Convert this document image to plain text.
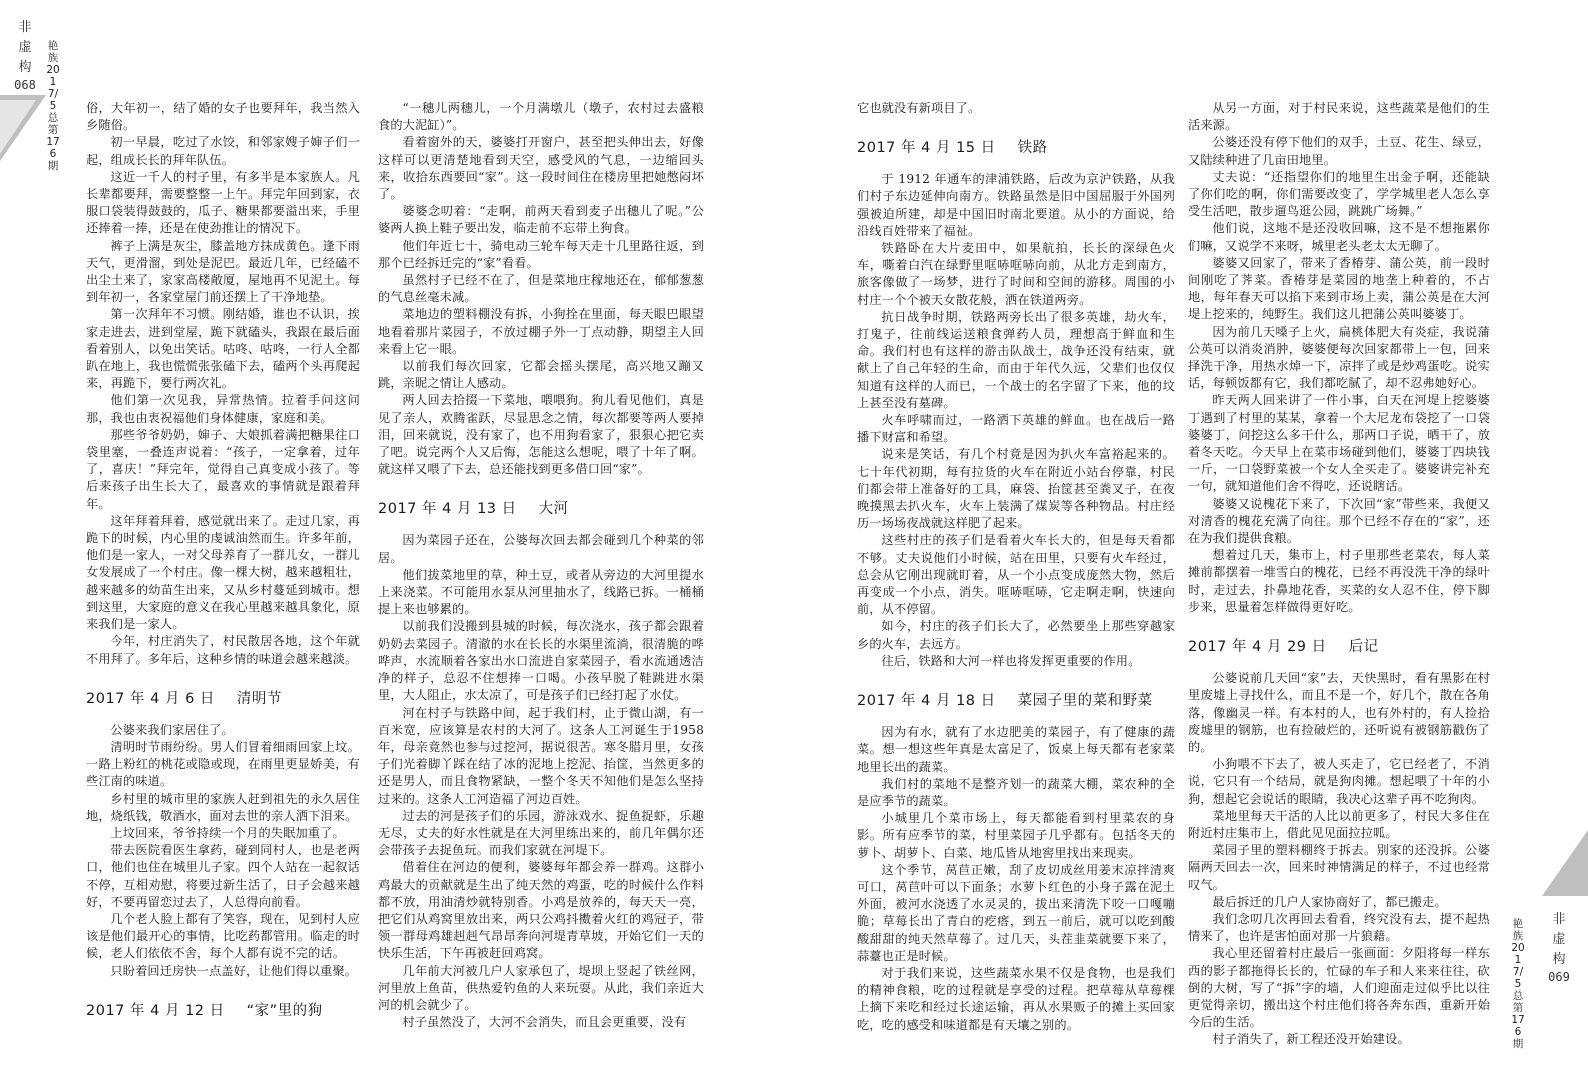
非
虚
构
068
艳族 2017/5 总第 176 期
艳族 2017/5 总第 176 期
非
虚
构
069

俗，大年初一，结了婚的女子也要拜年，我当然入乡随俗。

初一早晨，吃过了水饺，和邻家嫂子婶子们一起，组成长长的拜年队伍。

这近一千人的村子里，有多半是本家族人。凡长辈都要拜，需要整整一上午。拜完年回到家，衣服口袋装得鼓鼓的，瓜子、糖果都要溢出来，手里还捧着一捧，还是在使劲推让的情况下。

裤子上满是灰尘，膝盖地方抹成黄色。逢下雨天气，更滑溜，到处是泥巴。最近几年，已经磕不出尘土来了，家家高楼敞厦，屋地再不见泥土。每到年初一，各家堂屋门前还摆上了干净地垫。

第一次拜年不习惯。刚结婚，谁也不认识，挨家走进去，进到堂屋，跪下就磕头，我跟在最后面看着别人，以免出笑话。咕咚、咕咚，一行人全都趴在地上，我也慌慌张张磕下去，磕两个头再爬起来，再跪下，要行两次礼。

他们第一次见我，异常热情。拉着手问这问那，我也由衷祝福他们身体健康，家庭和美。

那些爷爷奶奶，婶子、大娘抓着满把糖果往口袋里塞，一叠连声说着：“孩子，一定拿着，过年了，喜庆！”拜完年，觉得自己真变成小孩了。等后来孩子出生长大了，最喜欢的事情就是跟着拜年。

这年拜着拜着，感觉就出来了。走过几家，再跪下的时候，内心里的虔诚油然而生。许多年前，他们是一家人，一对父母养育了一群儿女，一群儿女发展成了一个村庄。像一棵大树，越来越粗壮，越来越多的幼苗生出来，又从乡村蔓延到城市。想到这里，大家庭的意义在我心里越来越具象化，原来我们是一家人。

今年，村庄消失了，村民散居各地，这个年就不用拜了。多年后，这种乡情的味道会越来越淡。

2017 年 4 月 6 日 清明节

公婆来我们家居住了。

清明时节雨纷纷。男人们冒着细雨回家上坟。一路上粉红的桃花或隐或现，在雨里更显娇美，有些江南的味道。

乡村里的城市里的家族人赶到祖先的永久居住地，烧纸钱，敬酒水，面对去世的亲人洒下泪来。

上坟回来，爷爷持续一个月的失眠加重了。

带去医院看医生拿药，碰到同村人，也是老两口，他们也住在城里儿子家。四个人站在一起叙话不停，互相劝慰，将要过新生活了，日子会越来越好，不要再留恋过去了，人总得向前看。

几个老人脸上都有了笑容，现在，见到村人应该是他们最开心的事情，比吃药都管用。临走的时候，老人们依依不舍，每个人都有说不完的话。

只盼着回迁房快一点盖好，让他们得以重聚。

2017 年 4 月 12 日 “家”里的狗

“一穗儿两穗儿，一个月满墩儿（墩子，农村过去盛粮食的大泥缸）”。

看着窗外的天，婆婆打开窗户，甚至把头伸出去，好像这样可以更清楚地看到天空，感受风的气息，一边缩回头来，收拾东西要回“家”。这一段时间住在楼房里把她憋闷坏了。

婆婆念叨着：“走啊，前两天看到麦子出穗儿了呢。”公婆两人换上鞋子要出发，临走前不忘带上狗食。

他们年近七十，骑电动三轮车每天走十几里路往返，到那个已经拆迁完的“家”看看。

虽然村子已经不在了，但是菜地庄稼地还在，郁郁葱葱的气息丝毫未减。

菜地边的塑料棚没有拆，小狗拴在里面，每天眼巴眼望地看着那片菜园子，不放过棚子外一丁点动静，期望主人回来看上它一眼。

以前我们每次回家，它都会摇头摆尾，高兴地又蹦又跳，亲昵之情让人感动。

两人回去拾掇一下菜地，喂喂狗。狗儿看见他们，真是见了亲人，欢腾雀跃，尽显思念之情，每次都要等两人要掉泪，回来就说，没有家了，也不用狗看家了，狠狠心把它卖了吧。说完两个人又后悔，怎能这么想呢，喂了十年了啊。就这样又喂了下去，总还能找到更多借口回“家”。

2017 年 4 月 13 日 大河

因为菜园子还在，公婆每次回去都会碰到几个种菜的邻居。

他们拔菜地里的草，种土豆，或者从旁边的大河里提水上来浇菜。不可能用水泵从河里抽水了，线路已拆。一桶桶提上来也够累的。

以前我们没搬到县城的时候，每次浇水，孩子都会跟着奶奶去菜园子。清澈的水在长长的水渠里流淌，很清脆的哗哗声，水流顺着各家出水口流进自家菜园子，看水流通透洁净的样子，总忍不住想捧一口喝。小孩早脱了鞋跳进水渠里，大人阻止，水太凉了，可是孩子们已经打起了水仗。

河在村子与铁路中间，起于我们村，止于微山湖，有一百米宽，应该算是农村的大河了。这条人工河诞生于1958 年，母亲竟然也参与过挖河，据说很苦。寒冬腊月里，女孩子们光着脚丫踩在结了冰的泥地上挖泥、抬筐，当然更多的还是男人，而且食物紧缺，一整个冬天不知他们是怎么坚持过来的。这条人工河造福了河边百姓。

过去的河是孩子们的乐园，游泳戏水、捉鱼捉虾，乐趣无尽，丈夫的好水性就是在大河里练出来的，前几年偶尔还会带孩子去捉鱼玩。而我们家就在河堤下。

借着住在河边的便利，婆婆每年都会养一群鸡。这群小鸡最大的贡献就是生出了纯天然的鸡蛋，吃的时候什么作料都不放，用油清炒就特别香。小鸡是放养的，每天天一亮，把它们从鸡窝里放出来，两只公鸡抖擞着火红的鸡冠子，带领一群母鸡雄赳赳气昂昂奔向河堤青草坡，开始它们一天的快乐生活，下午再被赶回鸡窝。

几年前大河被几户人家承包了，堤坝上竖起了铁丝网，河里放上鱼苗，供热爱钓鱼的人来玩耍。从此，我们亲近大河的机会就少了。

村子虽然没了，大河不会消失，而且会更重要，没有

它也就没有新项目了。

2017 年 4 月 15 日 铁路

于 1912 年通车的津浦铁路，后改为京沪铁路，从我们村子东边延伸向南方。铁路虽然是旧中国屈服于外国列强被迫所建，却是中国旧时南北要道。从小的方面说，给沿线百姓带来了福祉。

铁路卧在大片麦田中，如果航拍，长长的深绿色火车，嘶着白汽在绿野里哐哧哐哧向前，从北方走到南方，旅客像做了一场梦，进行了时间和空间的游移。周围的小村庄一个个被天女散花般，洒在铁道两旁。

抗日战争时期，铁路两旁长出了很多英雄，劫火车，打鬼子，往前线运送粮食弹药人员，理想高于鲜血和生命。我们村也有这样的游击队战士，战争还没有结束，就献上了自己年轻的生命，而由于年代久远，父辈们也仅仅知道有这样的人而已，一个战士的名字留了下来，他的坟上甚至没有墓碑。

火车呼啸而过，一路洒下英雄的鲜血。也在战后一路播下财富和希望。

说来是笑话，有几个村竟是因为扒火车富裕起来的。七十年代初期，每有拉货的火车在附近小站台停靠，村民们都会带上准备好的工具，麻袋、抬筐甚至粪叉子，在夜晚摸黑去扒火车，火车上装满了煤炭等各种物品。村庄经历一场场夜战就这样肥了起来。

这些村庄的孩子们是看着火车长大的，但是每天看都不够。丈夫说他们小时候，站在田里，只要有火车经过，总会从它刚出现就盯着，从一个小点变成庞然大物，然后再变成一个小点，消失。哐哧哐哧，它走啊走啊，快速向前，从不停留。

如今，村庄的孩子们长大了，必然要坐上那些穿越家乡的火车，去远方。

往后，铁路和大河一样也将发挥更重要的作用。

2017 年 4 月 18 日 菜园子里的菜和野菜

因为有水，就有了水边肥美的菜园子，有了健康的蔬菜。想一想这些年真是太富足了，饭桌上每天都有老家菜地里长出的蔬菜。

我们村的菜地不是整齐划一的蔬菜大棚，菜农种的全是应季节的蔬菜。

小城里几个菜市场上，每天都能看到村里菜农的身影。所有应季节的菜，村里菜园子几乎都有。包括冬天的萝卜、胡萝卜、白菜、地瓜皆从地窖里找出来现卖。

这个季节，莴苣正嫩，刮了皮切成丝用姜末凉拌清爽可口，莴苣叶可以下面条；水萝卜红色的小身子露在泥土外面，被河水浇透了水灵灵的，拔出来清洗下咬一口嘎嘣脆；草莓长出了青白的疙瘩，到五一前后，就可以吃到酸酸甜甜的纯天然草莓了。过几天，头茬韭菜就要下来了，蒜薹也正是时候。

对于我们来说，这些蔬菜水果不仅是食物，也是我们的精神食粮，吃的过程就是享受的过程。把草莓从草莓棵上摘下来吃和经过长途运输，再从水果贩子的摊上买回家吃，吃的感受和味道都是有天壤之别的。

从另一方面，对于村民来说，这些蔬菜是他们的生活来源。

公婆还没有停下他们的双手，土豆、花生、绿豆，又陆续种进了几亩田地里。

丈夫说：“还指望你们的地里生出金子啊，还能缺了你们吃的啊，你们需要改变了，学学城里老人怎么享受生活吧，散步遛鸟逛公园，跳跳广场舞。”

他们说，这地不是还没收回嘛，这不是不想拖累你们嘛，又说学不来呀，城里老头老太太无聊了。

婆婆又回家了，带来了香椿芽、蒲公英，前一段时间刚吃了荠菜。香椿芽是菜园的地垄上种着的，不占地，每年春天可以掐下来到市场上卖，蒲公英是在大河堤上挖来的，纯野生。我们这儿把蒲公英叫婆婆丁。

因为前几天嗓子上火，扁桃体肥大有炎症，我说蒲公英可以消炎消肿，婆婆便每次回家都带上一包，回来择洗干净，用热水焯一下，凉拌了或是炒鸡蛋吃。说实话，每顿饭都有它，我们都吃腻了，却不忍弗她好心。

昨天两人回来讲了一件小事，白天在河堤上挖婆婆丁遇到了村里的某某，拿着一个大尼龙布袋挖了一口袋婆婆丁，问挖这么多干什么，那两口子说，晒干了，放着冬天吃。今天早上在菜市场碰到他们，婆婆丁四块钱一斤，一口袋野菜被一个女人全买走了。婆婆讲完补充一句，就知道他们舍不得吃，还说瞎话。

婆婆又说槐花下来了，下次回“家”带些来，我便又对清香的槐花充满了向往。那个已经不存在的“家”，还在为我们提供食粮。

想着过几天，集市上，村子里那些老菜农，每人菜摊前都摆着一堆雪白的槐花，已经不再没洗干净的绿叶时，走过去，扑鼻地花香，买菜的女人忍不住，停下脚步来，思量着怎样做得更好吃。

2017 年 4 月 29 日 后记

公婆说前几天回“家”去，天快黑时，看有黑影在村里废墟上寻找什么，而且不是一个，好几个，散在各角落，像幽灵一样。有本村的人，也有外村的，有人捡拾废墟里的钢筋，也有捡破烂的，还听说有被钢筋戳伤了的。

小狗喂不下去了，被人买走了，它已经老了，不消说，它只有一个结局，就是狗肉摊。想起喂了十年的小狗，想起它会说话的眼睛，我决心这辈子再不吃狗肉。

菜地里每天干活的人比以前更多了，村民大多住在附近村庄集市上，借此见见面拉拉呱。

菜园子里的塑料棚终于拆去。别家的还没拆。公婆隔两天回去一次，回来时神情满足的样子，不过也经常叹气。

最后拆迁的几户人家协商好了，都已搬走。

我们念叨几次再回去看看，终究没有去，提不起热情来了，也许是害怕面对那一片狼藉。

我心里还留着村庄最后一张画面：夕阳将每一样东西的影子都拖得长长的，忙碌的车子和人来来往往，砍倒的大树，写了“拆”字的墙，人们迎面走过似乎比以往更觉得亲切，搬出这个村庄他们将各奔东西，重新开始今后的生活。

村子消失了，新工程还没开始建设。
